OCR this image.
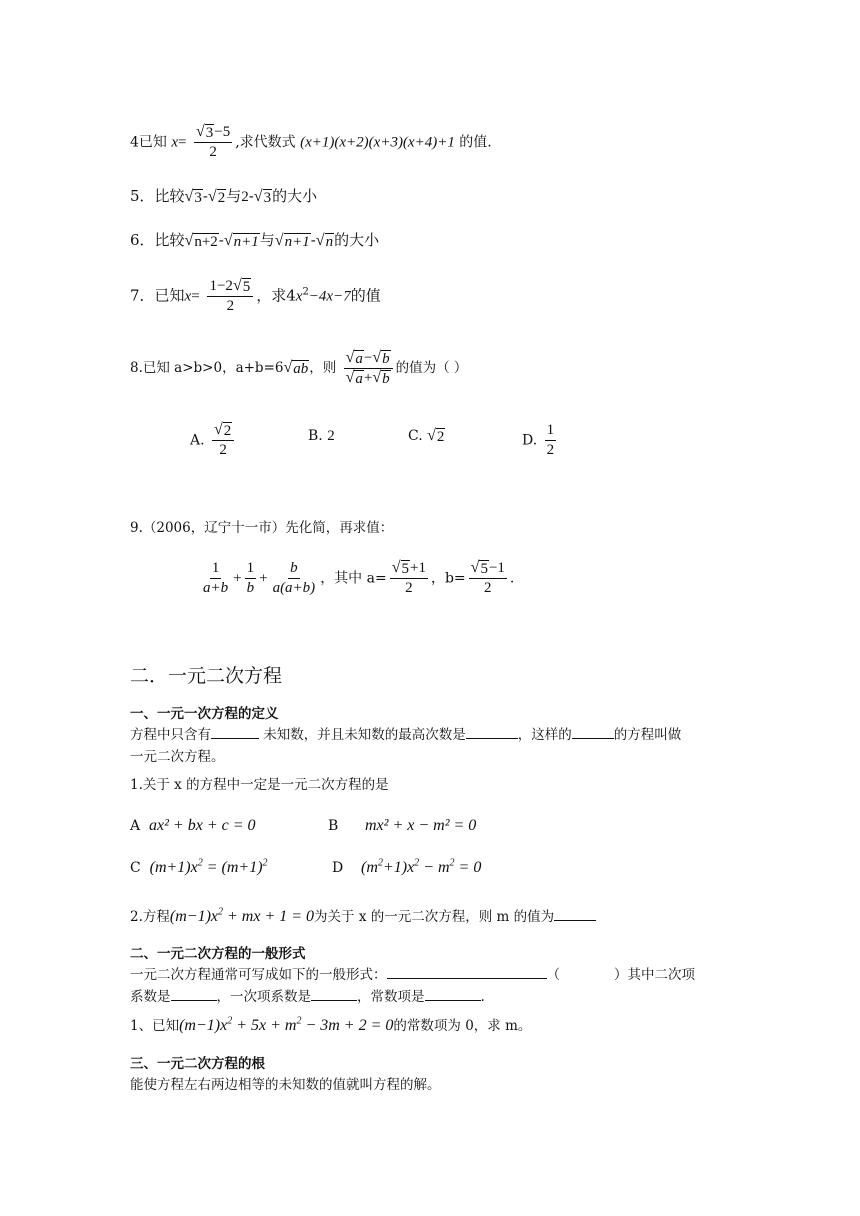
4已知 $x= \frac{√ 3 -5}{2}$ ,求代数式 (x+1)(x+2)(x+3)(x+4)+1 的值.
5．比较 √ 3 - √ 2 与2- √ 3 的大小
6．比较 √ n+2 - √ n+1 与 √ n+1 - √ n 的大小
7．已知$x= \frac{1-2 √ 5}{2}$ ，求$4x^2-4x-7$的值
8.已知 a>b>0，a+b=6 √ ab ，则 $\frac{√ a - √ b}{√ a + √ b}$ 的值为（ ）
A. $\frac{√ 2}{2}$	B. 2	C. √ 2	D. $\frac{1}{2}$
9.（2006，辽宁十一市）先化简，再求值：
$\frac{1}{a+b} + \frac{1}{b} + \frac{b}{a(a+b)}$ ，其中 $a= \frac{√ 5 +1}{2}$ ，$b= \frac{√ 5 -1}{2}$ .
二．一元二次方程
一、一元一次方程的定义
方程中只含有	未知数，并且未知数的最高次数是	，这样的	的方程叫做
一元二次方程。
1.关于 x 的方程中一定是一元二次方程的是
A ax² + bx + c = 0	B mx² + x − m² = 0
C $(m+1)x^2 = (m+1)^2$	D $(m^2+1)x^2 - m^2 = 0$
2.方程$(m-1)x^2$ + mx + 1 = 0为关于 x 的一元二次方程，则 m 的值为
二、一元二次方程的一般形式
一元二次方程通常可写成如下的一般形式：	（	）其中二次项
系数是	，一次项系数是	，常数项是	.
1、已知$(m-1)x^2 + 5x + m^2 - 3m + 2 = 0$的常数项为 0，求 m。
三、一元二次方程的根
能使方程左右两边相等的未知数的值就叫方程的解。
